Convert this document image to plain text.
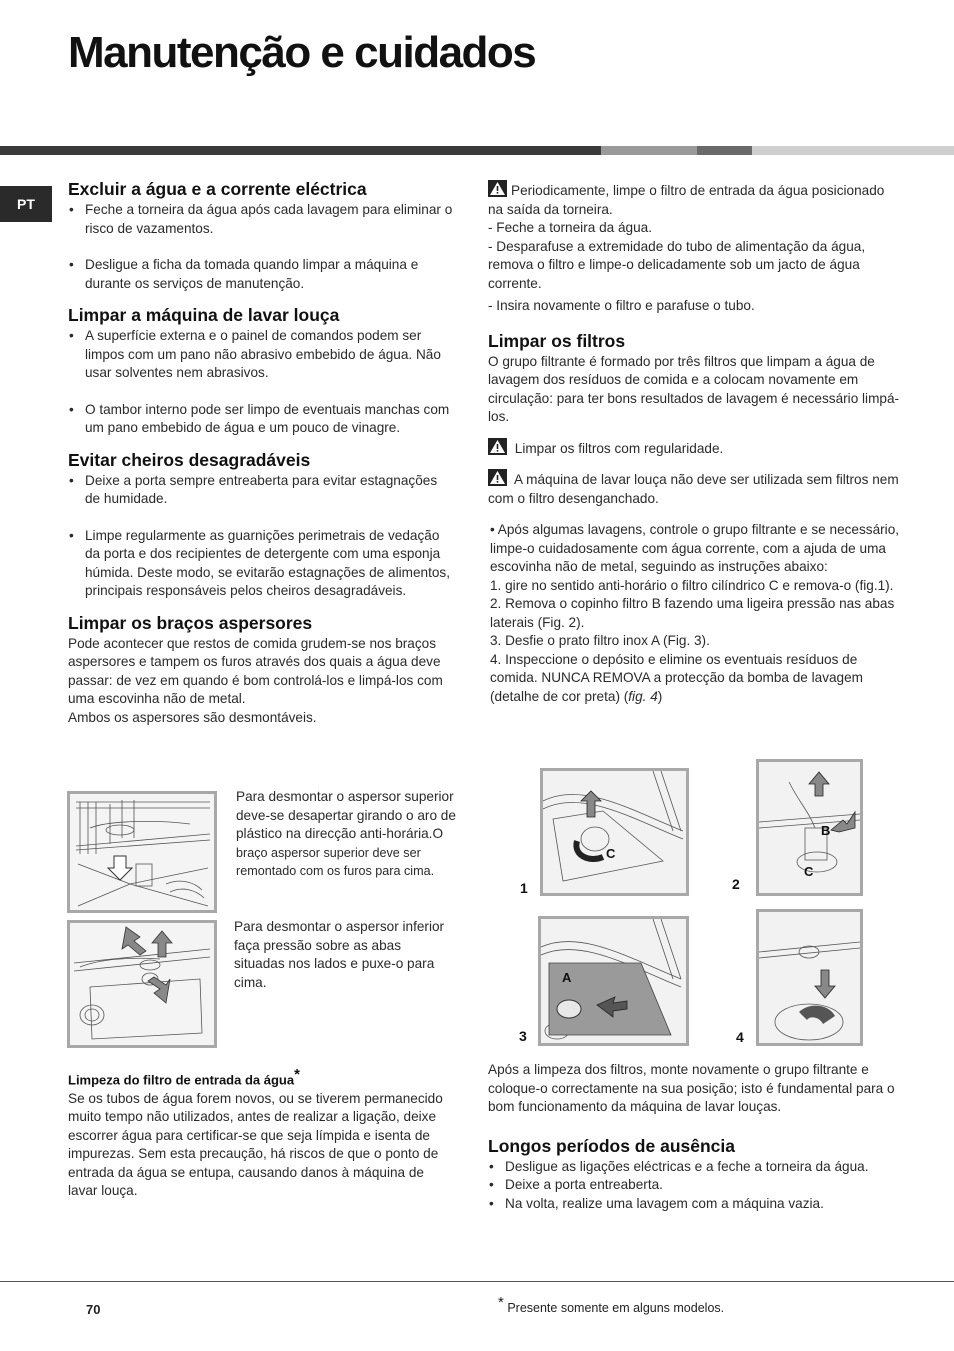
Manutenção e cuidados
PT
Excluir a água e a corrente eléctrica
• Feche a torneira da água após cada lavagem para eliminar o risco de vazamentos.
• Desligue a ficha da tomada quando limpar a máquina e durante os serviços de manutenção.
Limpar a máquina de lavar louça
• A superfície externa e o painel de comandos podem ser limpos com um pano não abrasivo embebido de água. Não usar solventes nem abrasivos.
• O tambor interno pode ser limpo de eventuais manchas com um pano embebido de água e um pouco de vinagre.
Evitar cheiros desagradáveis
• Deixe a porta sempre entreaberta para evitar estagnações de humidade.
• Limpe regularmente as guarnições perimetrais de vedação da porta e dos recipientes de detergente com uma esponja húmida. Deste modo, se evitarão estagnações de alimentos, principais responsáveis pelos cheiros desagradáveis.
Limpar os braços aspersores

Pode acontecer que restos de comida grudem-se nos braços aspersores e tampem os furos através dos quais a água deve passar: de vez em quando é bom controlá-los e limpá-los com uma escovinha não de metal.

Ambos os aspersores são desmontáveis.

Para desmontar o aspersor superior deve-se desapertar girando o aro de plástico na direcção anti-horária.O braço aspersor superior deve ser remontado com os furos para cima.
Para desmontar o aspersor inferior faça pressão sobre as abas situadas nos lados e puxe-o para cima.
Limpeza do filtro de entrada da água*

Se os tubos de água forem novos, ou se tiverem permanecido muito tempo não utilizados, antes de realizar a ligação, deixe escorrer água para certificar-se que seja límpida e isenta de impurezas. Sem esta precaução, há riscos de que o ponto de entrada da água se entupa, causando danos à máquina de lavar louça.

Periodicamente, limpe o filtro de entrada da água posicionado na saída da torneira.

- Feche a torneira da água.

- Desparafuse a extremidade do tubo de alimentação da água, remova o filtro e limpe-o delicadamente sob um jacto de água corrente.

- Insira novamente o filtro e parafuse o tubo.

Limpar os filtros

O grupo filtrante é formado por três filtros que limpam a água de lavagem dos resíduos de comida e a colocam novamente em circulação: para ter bons resultados de lavagem é necessário limpá-los.

Limpar os filtros com regularidade.

A máquina de lavar louça não deve ser utilizada sem filtros nem com o filtro desenganchado.

• Após algumas lavagens, controle o grupo filtrante e se necessário, limpe-o cuidadosamente com água corrente, com a ajuda de uma escovinha não de metal, seguindo as instruções abaixo:

1. gire no sentido anti-horário o filtro cilíndrico C e remova-o (fig.1).

2. Remova o copinho filtro B fazendo uma ligeira pressão nas abas laterais (Fig. 2).

3. Desfie o prato filtro inox A (Fig. 3).

4. Inspeccione o depósito e elimine os eventuais resíduos de comida. NUNCA REMOVA a protecção da bomba de lavagem (detalhe de cor preta) (fig. 4)

1	2
3	4
C
B
C
A

Após a limpeza dos filtros, monte novamente o grupo filtrante e coloque-o correctamente na sua posição; isto é fundamental para o bom funcionamento da máquina de lavar louças.

Longos períodos de ausência
• Desligue as ligações eléctricas e a feche a torneira da água.
• Deixe a porta entreaberta.
• Na volta, realize uma lavagem com a máquina vazia.
70	* Presente somente em alguns modelos.
